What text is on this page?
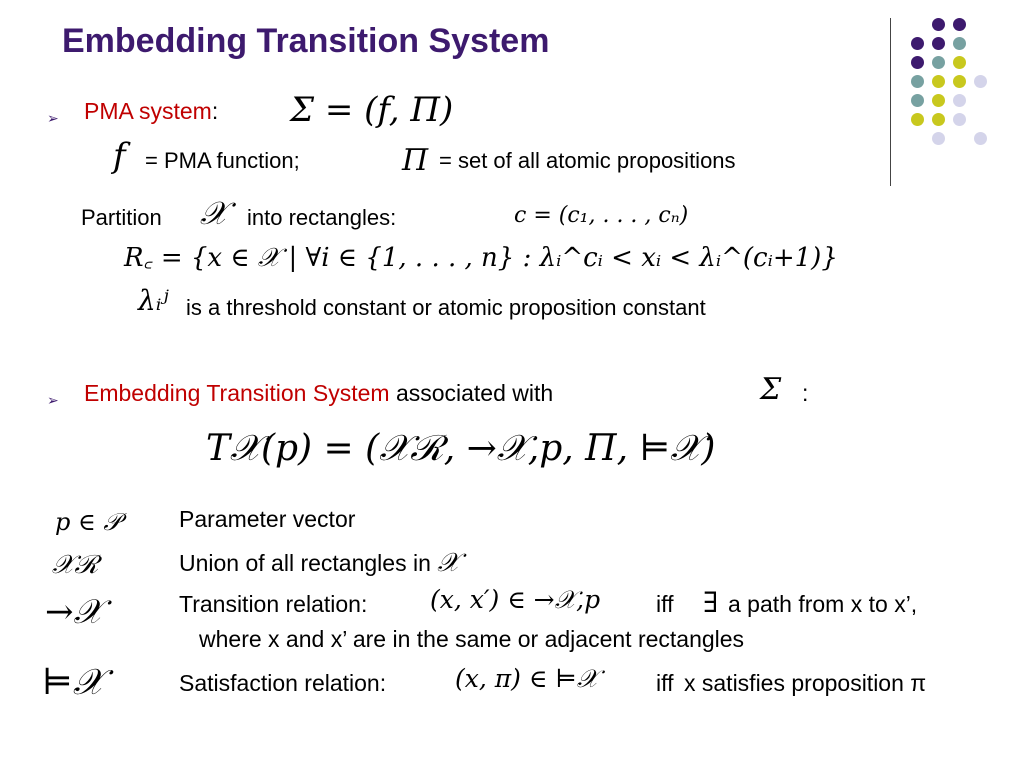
Embedding Transition System
➢ PMA system: Σ = (f, Π)
f = PMA function;	Π = set of all atomic propositions
Partition 𝒳 into rectangles:	c = (c₁, . . . , cₙ)
R꜀ = {x ∈ 𝒳 | ∀i ∈ {1, . . . , n} : λᵢ^cᵢ < xᵢ < λᵢ^(cᵢ+1)}
λᵢʲ is a threshold constant or atomic proposition constant
➢ Embedding Transition System associated with	Σ :
T𝒳(p) = (𝒳ℛ, →𝒳,p, Π, ⊨𝒳)
p ∈ 𝒫	Parameter vector
𝒳ℛ	Union of all rectangles in 𝒳
→𝒳	Transition relation:	(x, x′) ∈ →𝒳,p iff ∃ a path from x to x’,
where x and x’ are in the same or adjacent rectangles
⊨𝒳	Satisfaction relation:	(x, π) ∈ ⊨𝒳	iff x satisfies proposition π
